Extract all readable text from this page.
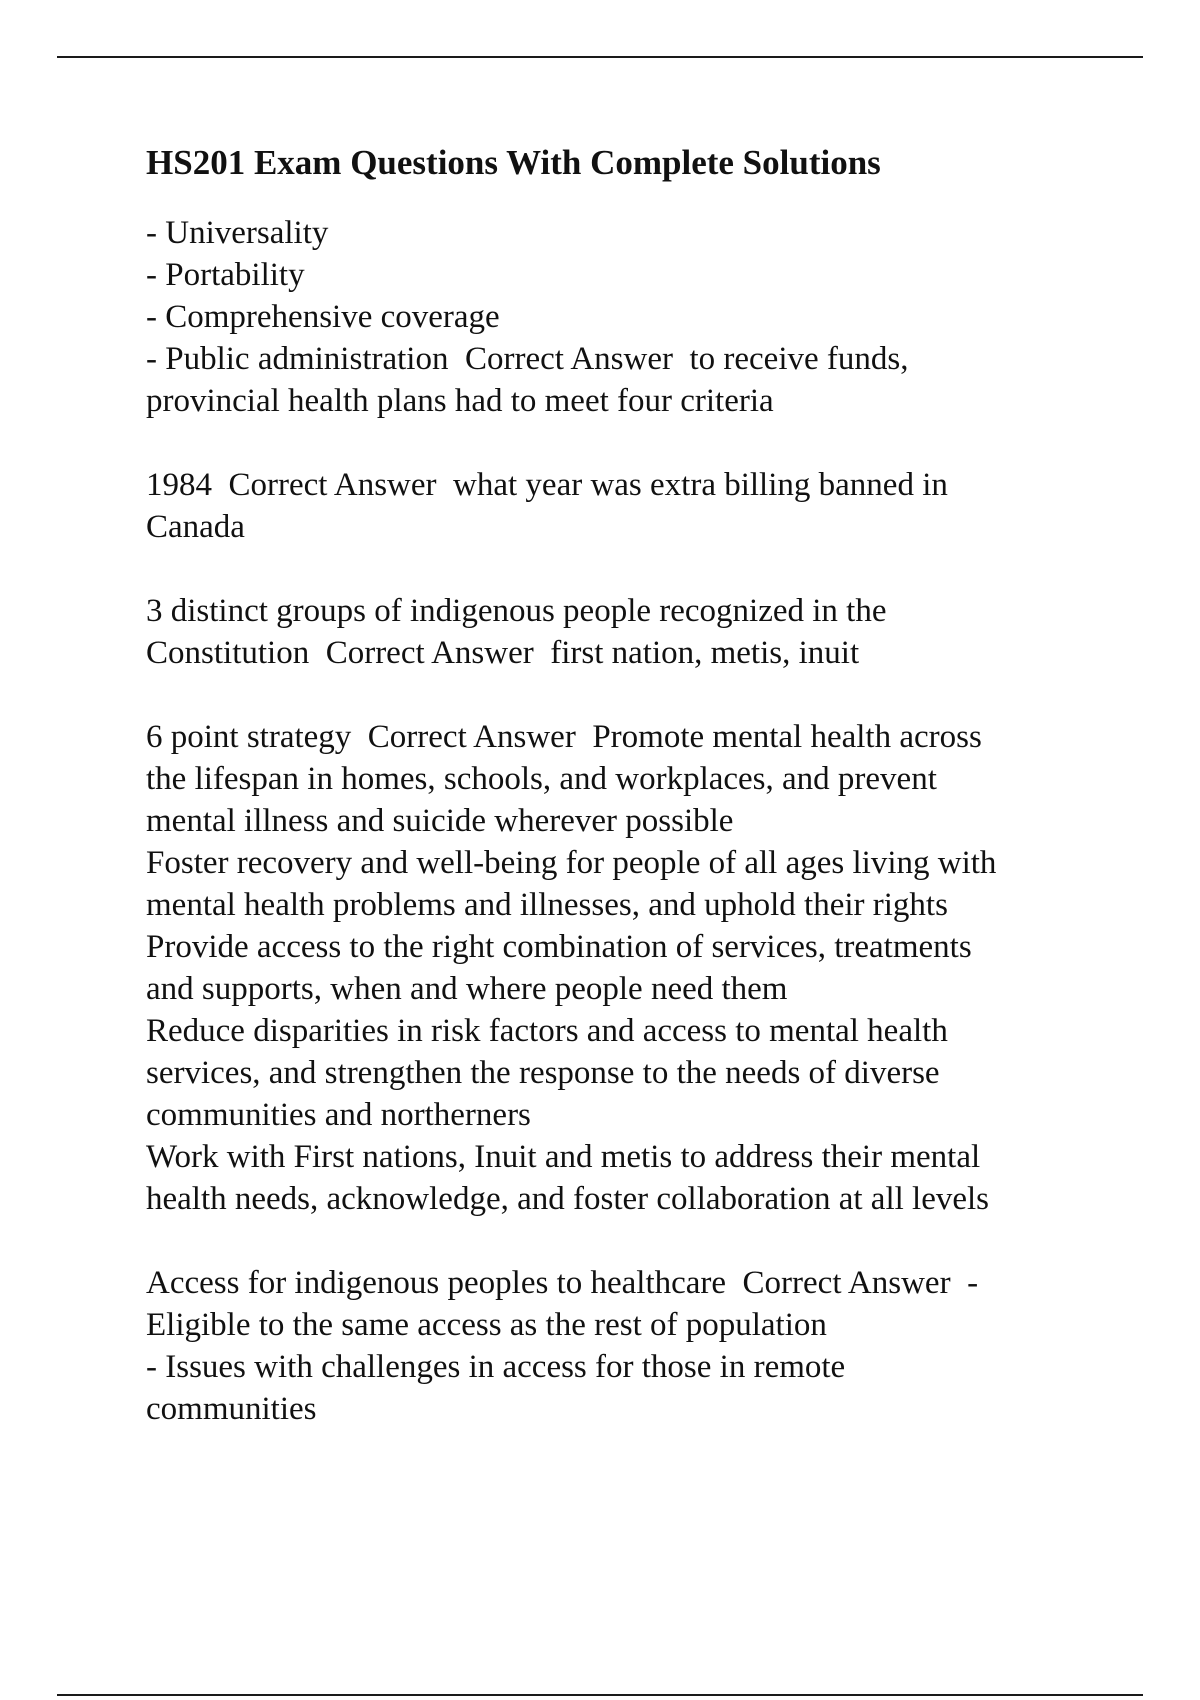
HS201 Exam Questions With Complete Solutions
- Universality
- Portability
- Comprehensive coverage
- Public administration  Correct Answer  to receive funds,
provincial health plans had to meet four criteria
1984  Correct Answer  what year was extra billing banned in
Canada
3 distinct groups of indigenous people recognized in the
Constitution  Correct Answer  first nation, metis, inuit
6 point strategy  Correct Answer  Promote mental health across
the lifespan in homes, schools, and workplaces, and prevent
mental illness and suicide wherever possible
Foster recovery and well-being for people of all ages living with
mental health problems and illnesses, and uphold their rights
Provide access to the right combination of services, treatments
and supports, when and where people need them
Reduce disparities in risk factors and access to mental health
services, and strengthen the response to the needs of diverse
communities and northerners
Work with First nations, Inuit and metis to address their mental
health needs, acknowledge, and foster collaboration at all levels
Access for indigenous peoples to healthcare  Correct Answer  -
Eligible to the same access as the rest of population
- Issues with challenges in access for those in remote
communities
